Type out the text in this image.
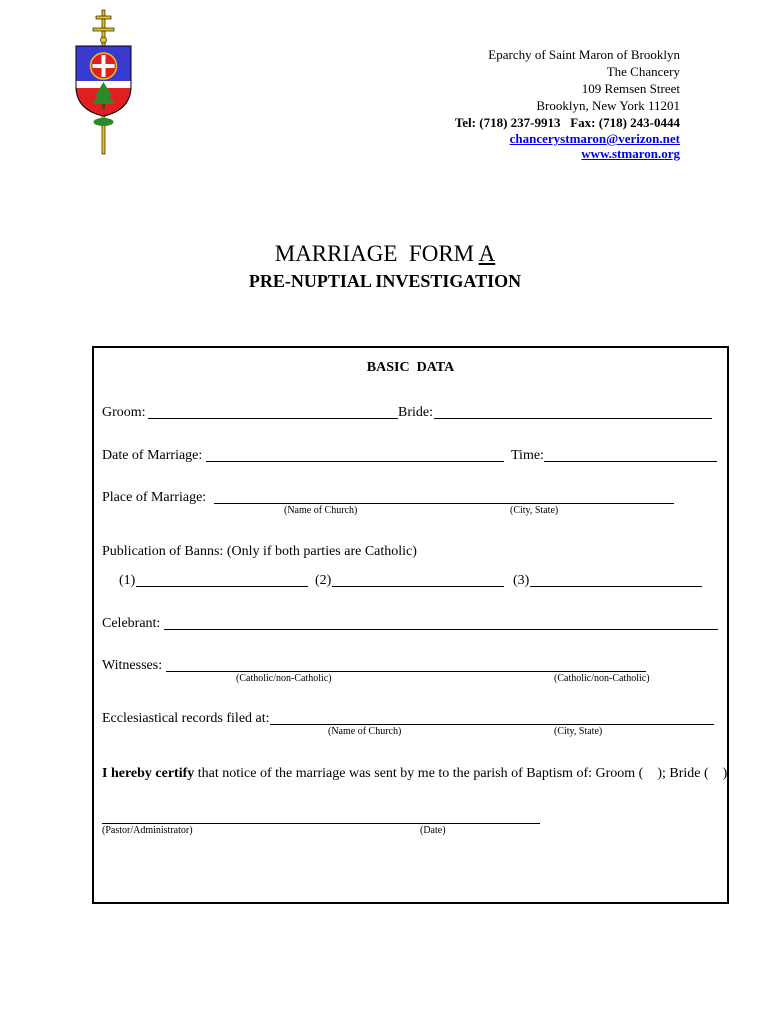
Eparchy of Saint Maron of Brooklyn
The Chancery
109 Remsen Street
Brooklyn, New York 11201
Tel: (718) 237-9913   Fax: (718) 243-0444
chancerystmaron@verizon.net
www.stmaron.org
MARRIAGE  FORM A
PRE-NUPTIAL INVESTIGATION
BASIC  DATA
Groom:	Bride:
Date of Marriage:	Time:
Place of Marriage:
(Name of Church)	(City, State)
Publication of Banns: (Only if both parties are Catholic)
(1)	(2)	(3)
Celebrant:
Witnesses:
(Catholic/non-Catholic)	(Catholic/non-Catholic)
Ecclesiastical records filed at:
(Name of Church)	(City, State)
I hereby certify that notice of the marriage was sent by me to the parish of Baptism of: Groom (    ); Bride (    )
(Pastor/Administrator)	(Date)
